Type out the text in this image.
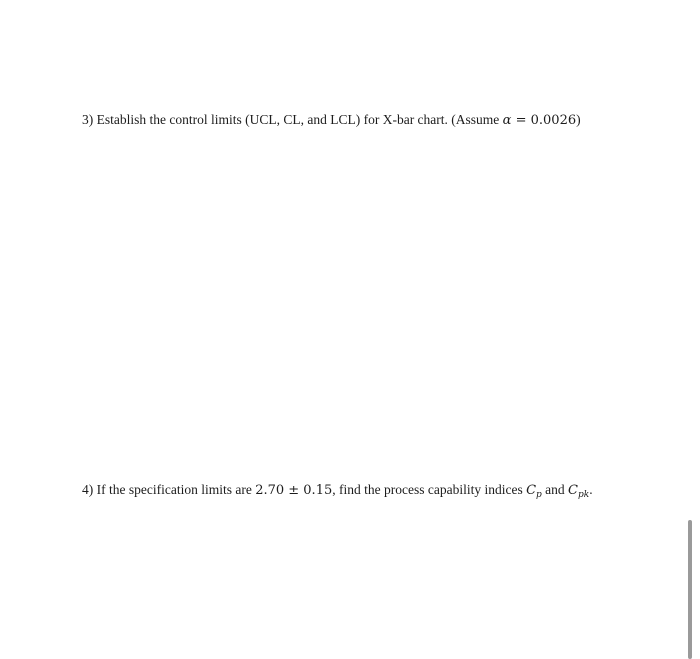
3) Establish the control limits (UCL, CL, and LCL) for X-bar chart. (Assume α = 0.0026)
4) If the specification limits are 2.70 ± 0.15, find the process capability indices $C_p$ and $C_{pk}$.
